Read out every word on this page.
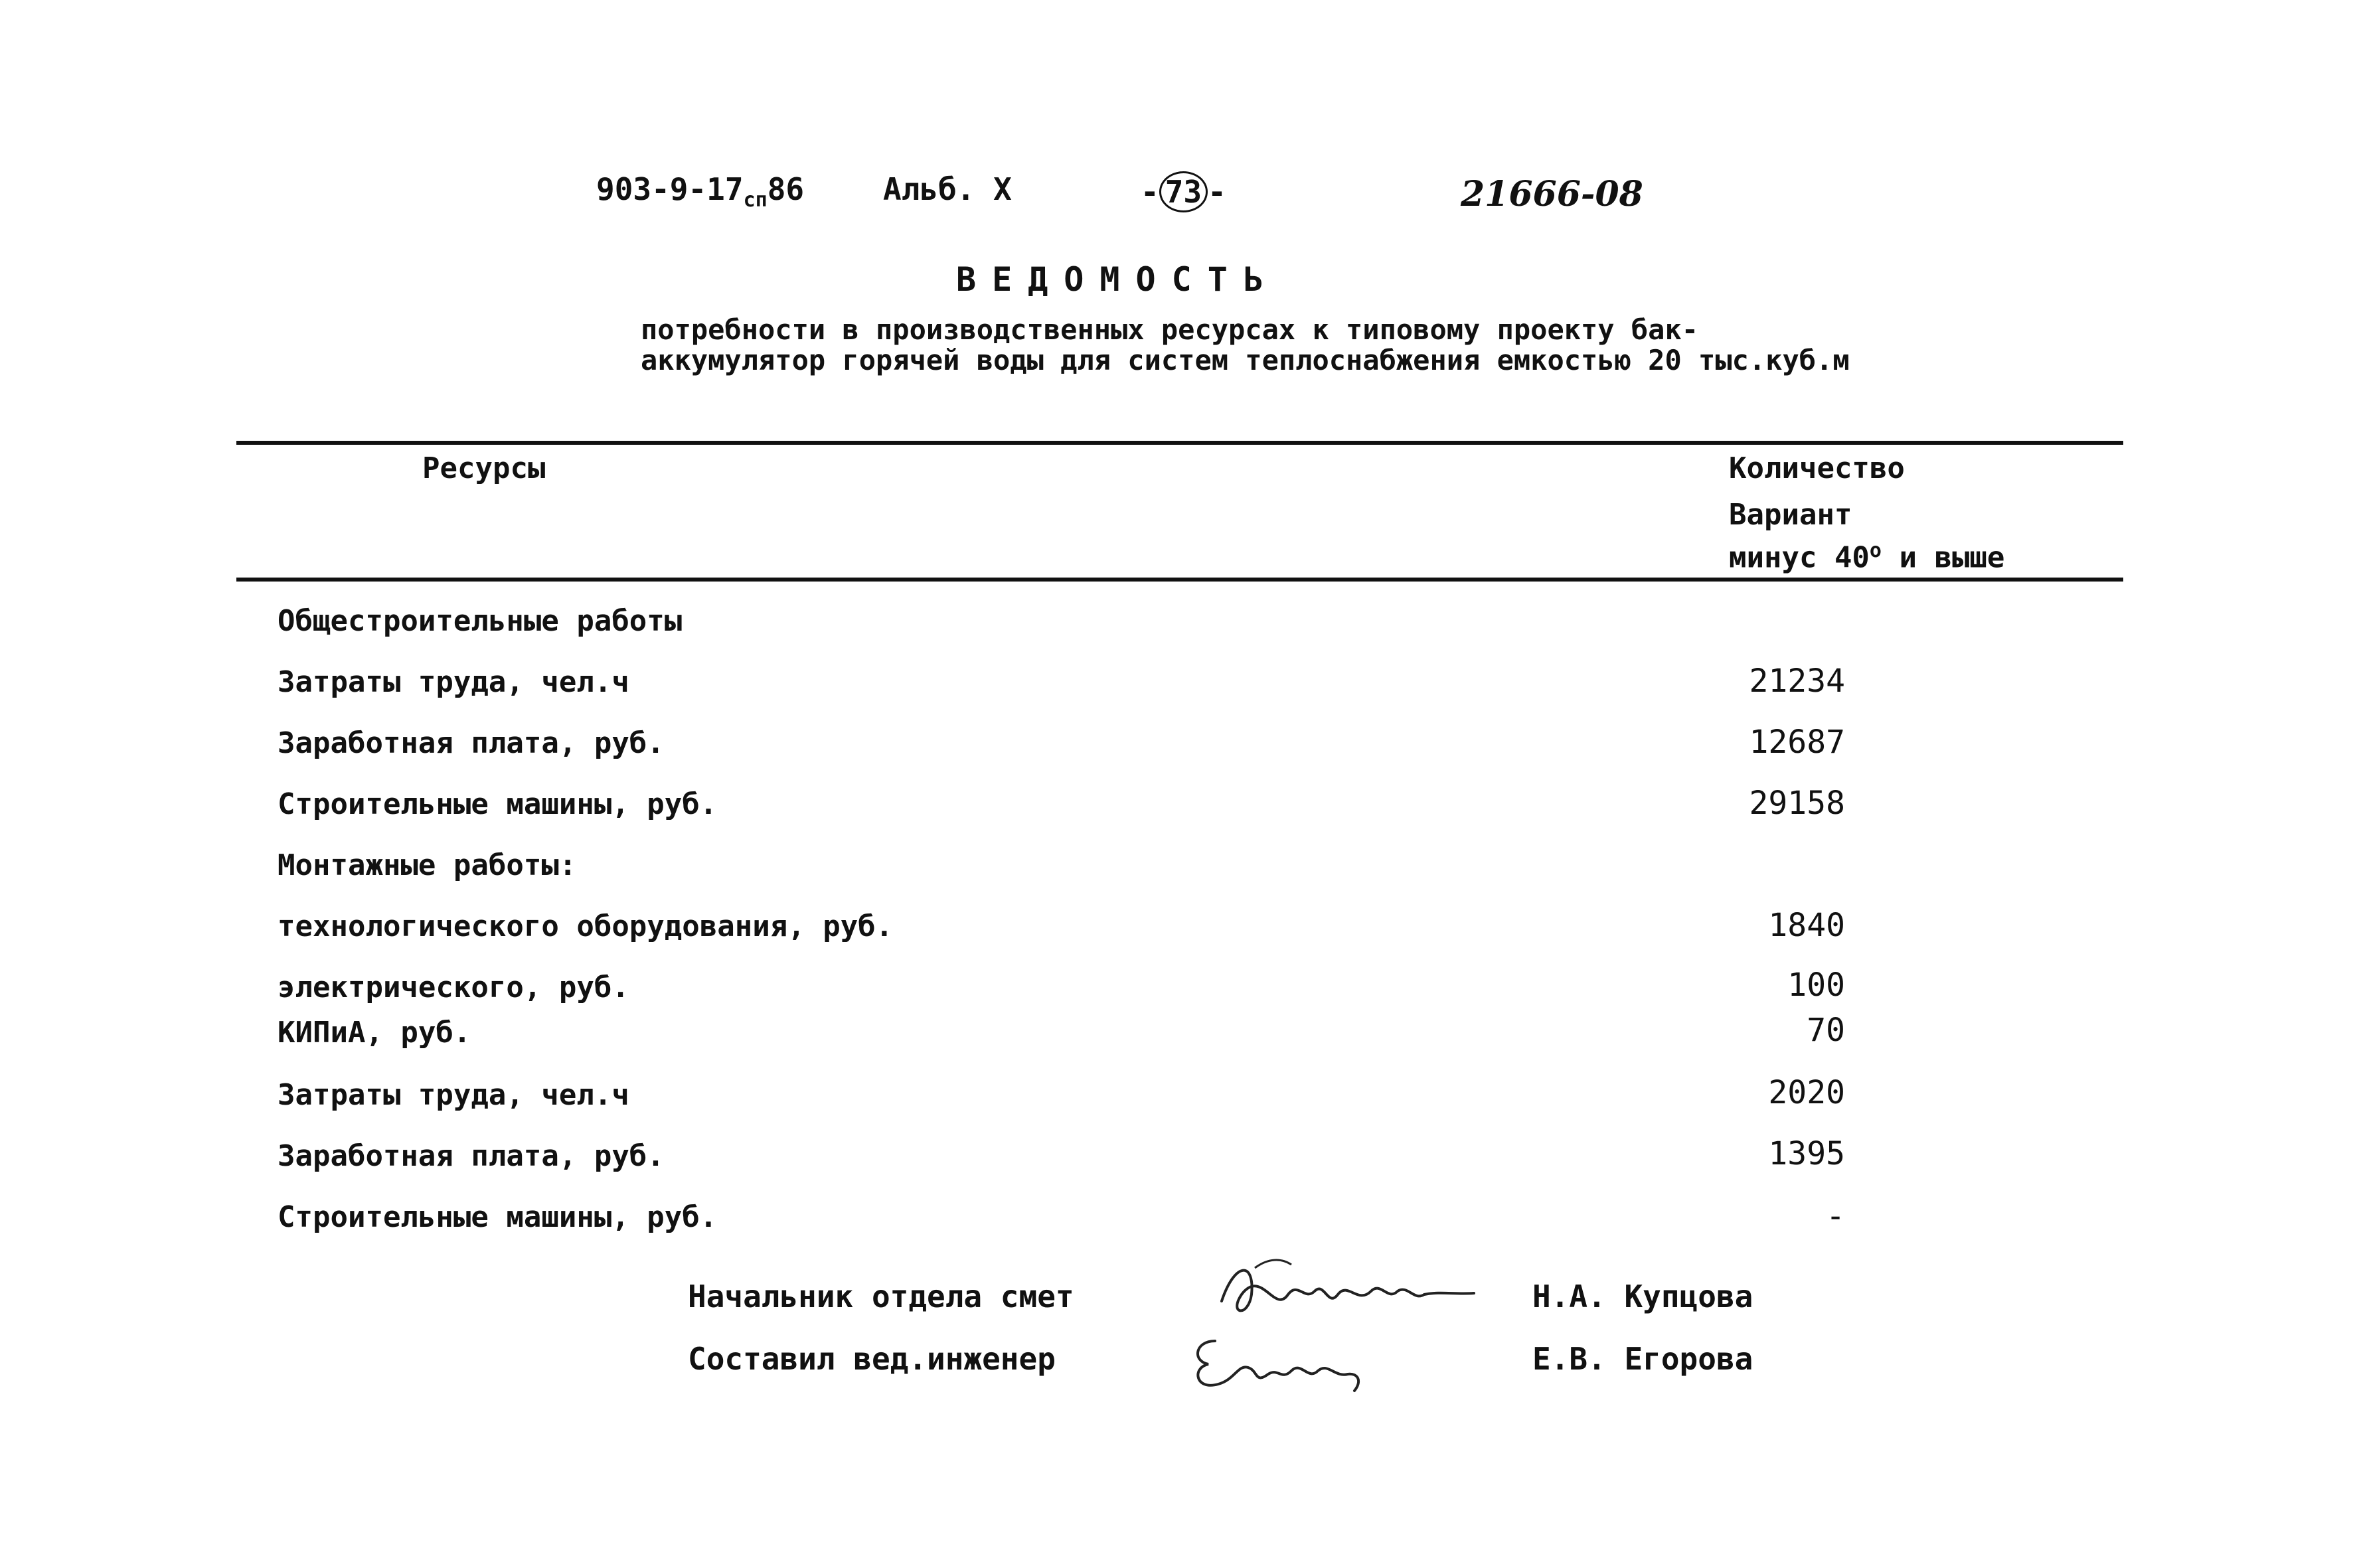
$903-9-17_{сп}86$	Альб. X	- 73 -	21666-08
ВЕДОМОСТЬ
потребности в производственных ресурсах к типовому проекту бак-
аккумулятор горячей воды для систем теплоснабжения емкостью 20 тыс.куб.м
Ресурсы	Количество
Вариант
минус $40^о$ и выше
Общестроительные работы
Затраты труда, чел.ч	21234
Заработная плата, руб.	12687
Строительные машины, руб.	29158
Монтажные работы:
технологического оборудования, руб.	1840
электрического, руб.	100
КИПиА, руб.	70
Затраты труда, чел.ч	2020
Заработная плата, руб.	1395
Строительные машины, руб.	-
Начальник отдела смет	Н.А. Купцова
Составил вед.инженер	Е.В. Егорова
